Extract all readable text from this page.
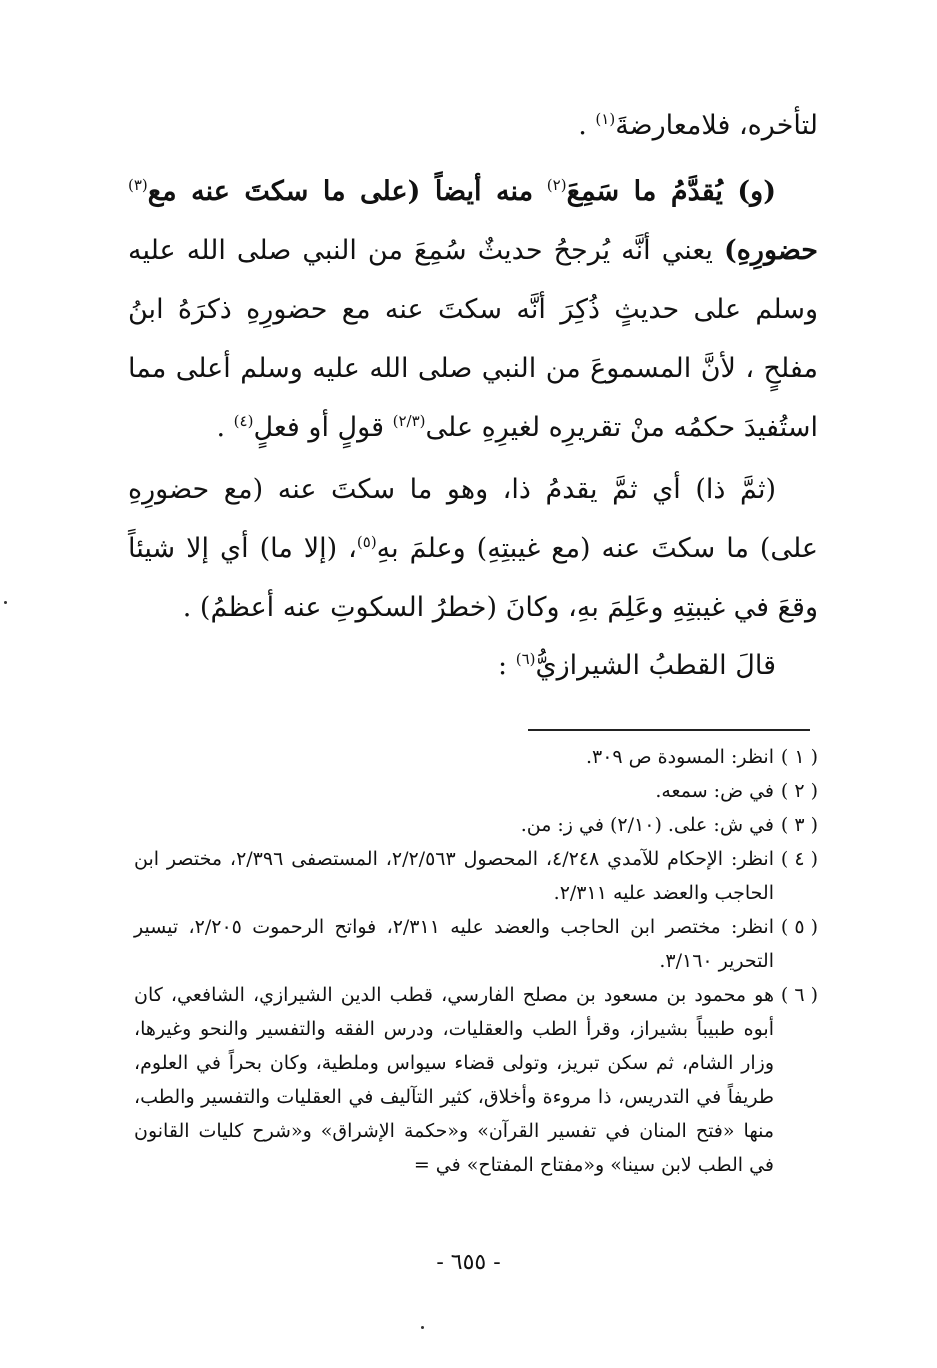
لتأخره، فلامعارضةَ$^{(١)}$ .

(و) يُقدَّمُ ما سَمِعَ$^{(٢)}$ منه أيضاً (على ما سكتَ عنه مع$^{(٣)}$ حضورِهِ) يعني أنَّه يُرجحُ حديثٌ سُمِعَ من النبي صلى الله عليه وسلم على حديثٍ ذُكِرَ أنَّه سكتَ عنه مع حضورِهِ ذكرَهُ ابنُ مفلحٍ ، لأنَّ المسموعَ من النبي صلى الله عليه وسلم أعلى مما استُفيدَ حكمُه منْ تقريرِه لغيرِهِ على$^{(٢/٣)}$ قولٍ أو فعلٍ$^{(٤)}$ .

(ثمَّ ذا) أي ثمَّ يقدمُ ذا، وهو ما سكتَ عنه (مع حضورِهِ على) ما سكتَ عنه (مع غيبتِهِ) وعلمَ بهِ$^{(٥)}$، (إلا ما) أي إلا شيئاً وقعَ في غيبتِهِ وعَلِمَ بهِ، وكانَ (خطرُ السكوتِ عنه أعظمُ) .

قالَ القطبُ الشيرازيُّ$^{(٦)}$ :

( ١ )
انظر: المسودة ص ٣٠٩.
( ٢ )
في ض: سمعه.
( ٣ )
في ش: على. (٢/١٠) في ز: من.
( ٤ )
انظر: الإحكام للآمدي ٤/٢٤٨، المحصول ٢/٢/٥٦٣، المستصفى ٢/٣٩٦، مختصر ابن الحاجب والعضد عليه ٢/٣١١.
( ٥ )
انظر: مختصر ابن الحاجب والعضد عليه ٢/٣١١، فواتح الرحموت ٢/٢٠٥، تيسير التحرير ٣/١٦٠.
( ٦ )
هو محمود بن مسعود بن مصلح الفارسي، قطب الدين الشيرازي، الشافعي، كان أبوه طبيباً بشيراز، وقرأ الطب والعقليات، ودرس الفقه والتفسير والنحو وغيرها، وزار الشام، ثم سكن تبريز، وتولى قضاء سيواس وملطية، وكان بحراً في العلوم، طريفاً في التدريس، ذا مروءة وأخلاق، كثير التآليف في العقليات والتفسير والطب، منها «فتح المنان في تفسير القرآن» و«حكمة الإشراق» و«شرح كليات القانون في الطب لابن سينا» و«مفتاح المفتاح» في =
- ٦٥٥ -
